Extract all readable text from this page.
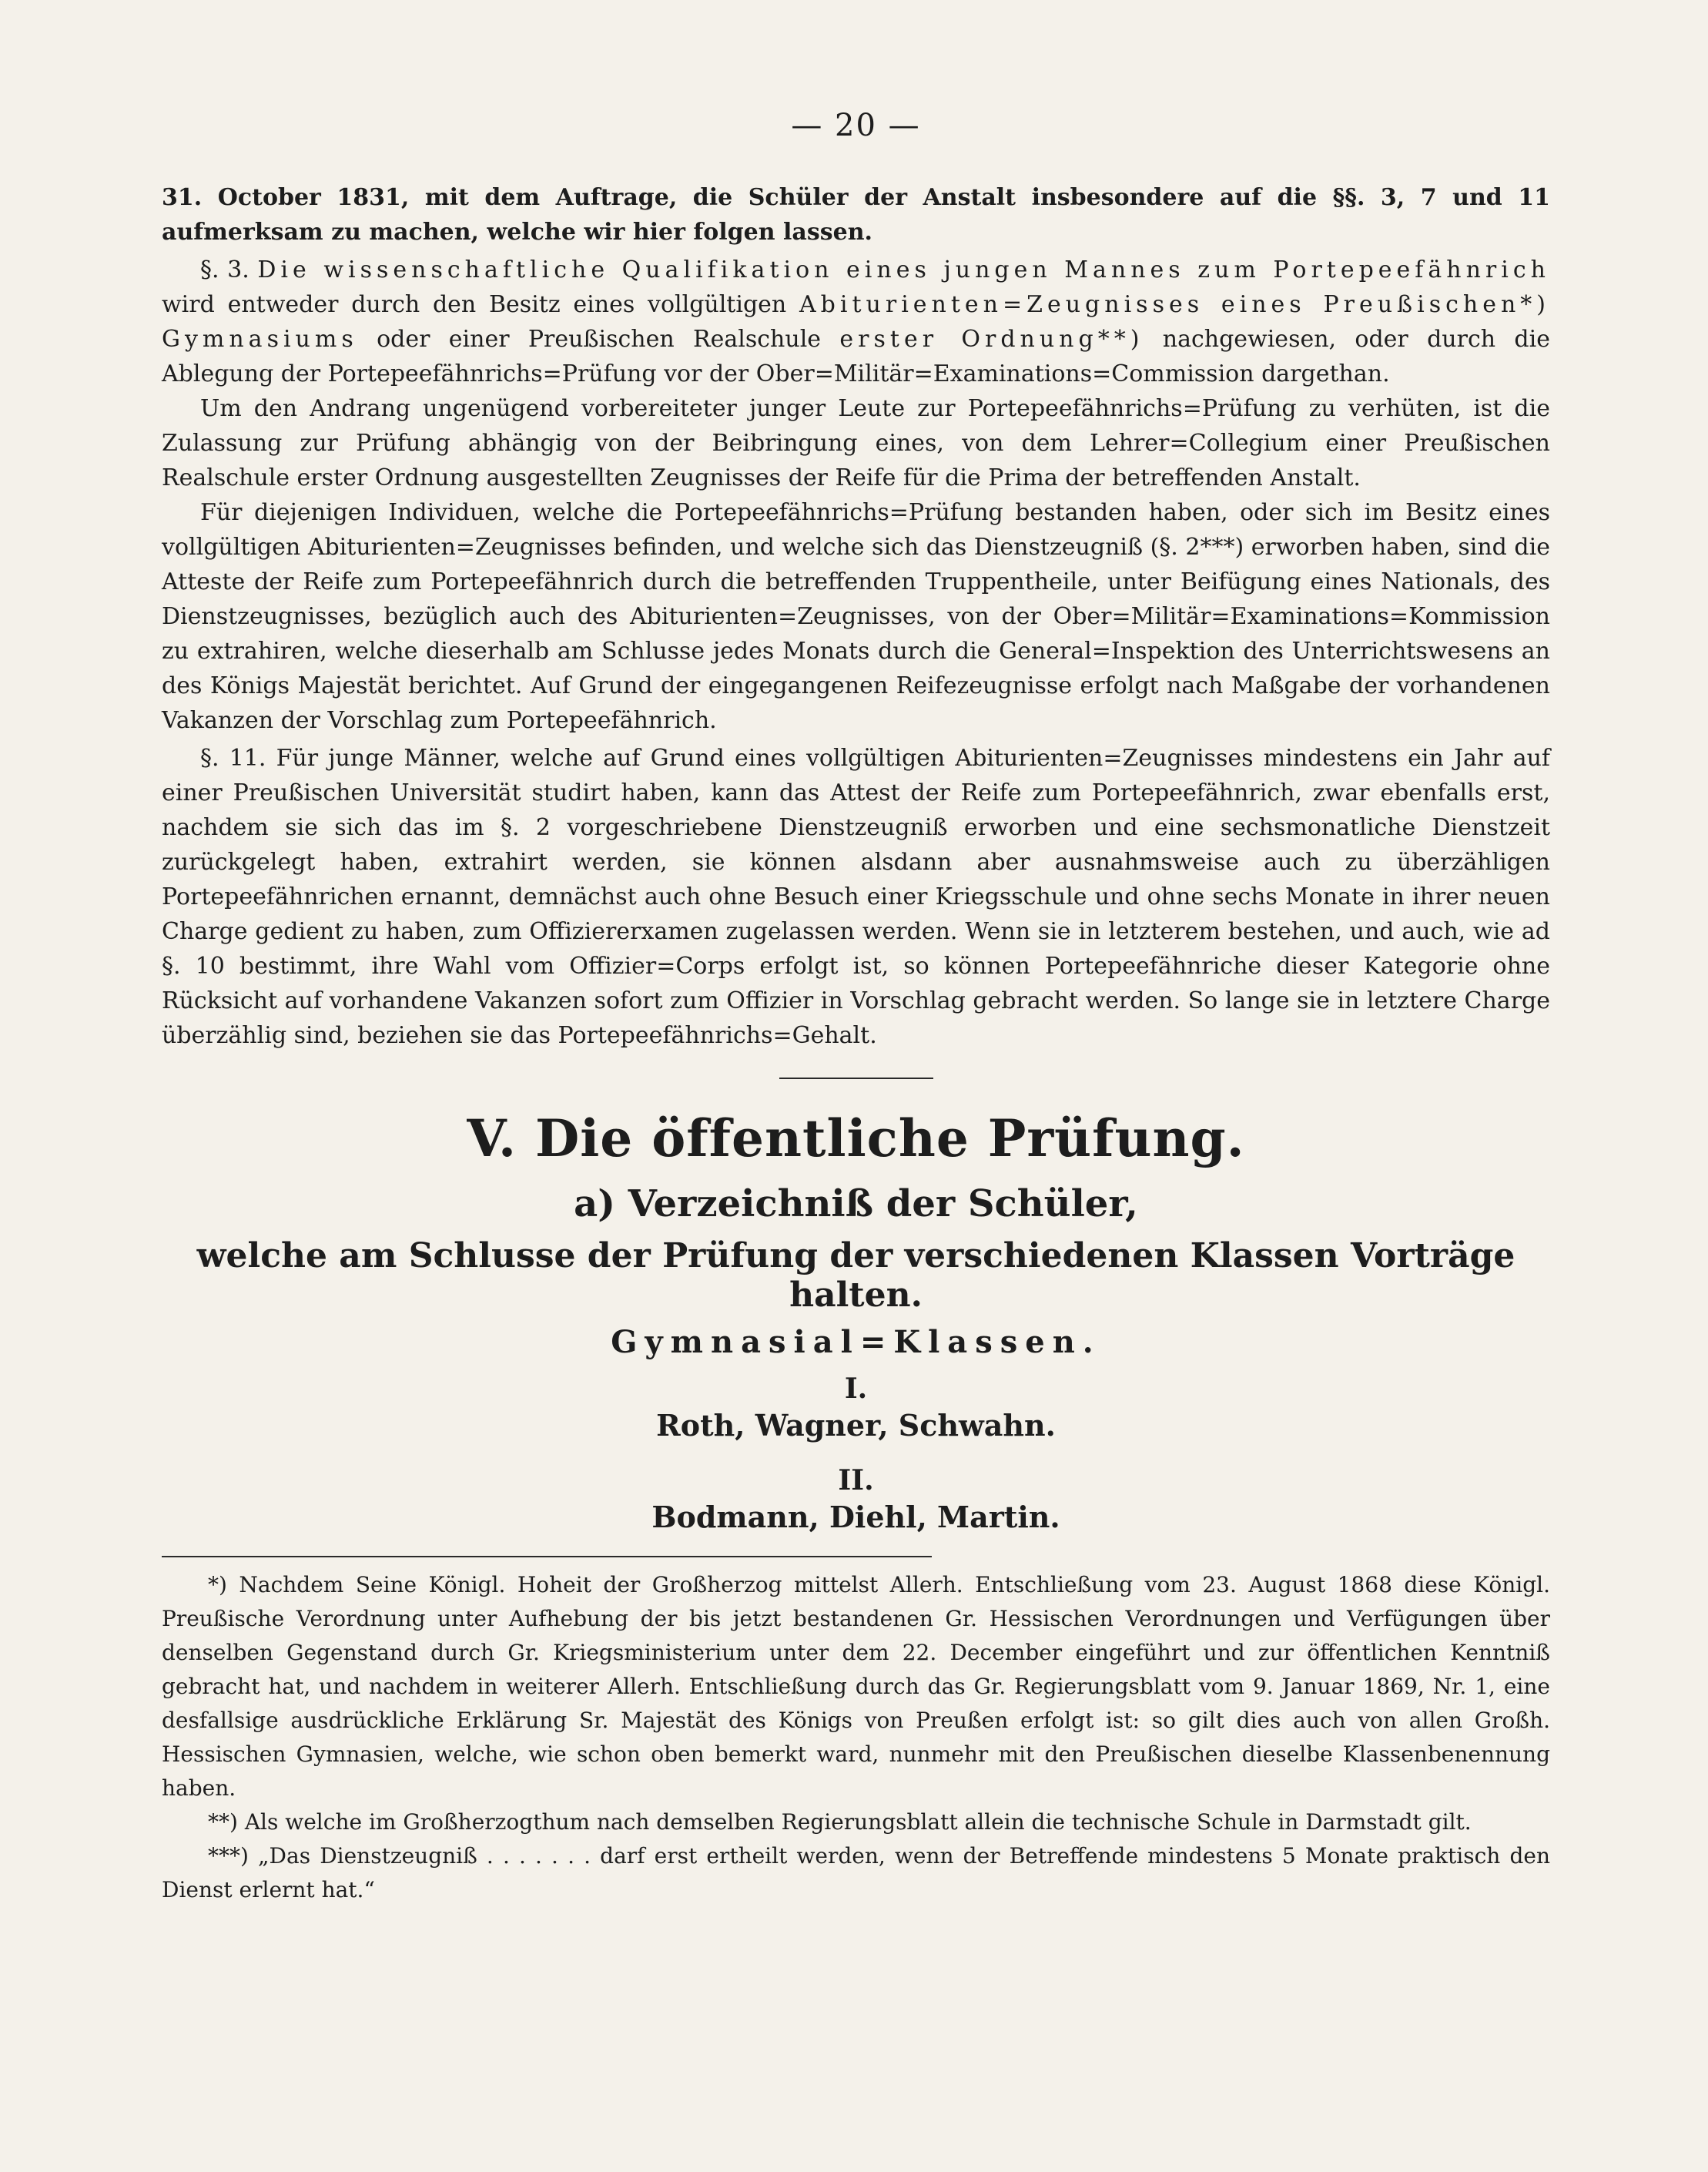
— 20 —

31. October 1831, mit dem Auftrage, die Schüler der Anstalt insbesondere auf die §§. 3, 7 und 11 aufmerksam zu machen, welche wir hier folgen lassen.

§. 3. Die wissenschaftliche Qualifikation eines jungen Mannes zum Portepeefähnrich wird entweder durch den Besitz eines vollgültigen Abiturienten=Zeugnisses eines Preußischen*) Gymnasiums oder einer Preußischen Realschule erster Ordnung**) nachgewiesen, oder durch die Ablegung der Portepeefähnrichs=Prüfung vor der Ober=Militär=Examinations=Commission dargethan.

Um den Andrang ungenügend vorbereiteter junger Leute zur Portepeefähnrichs=Prüfung zu verhüten, ist die Zulassung zur Prüfung abhängig von der Beibringung eines, von dem Lehrer=Collegium einer Preußischen Realschule erster Ordnung ausgestellten Zeugnisses der Reife für die Prima der betreffenden Anstalt.

Für diejenigen Individuen, welche die Portepeefähnrichs=Prüfung bestanden haben, oder sich im Besitz eines vollgültigen Abiturienten=Zeugnisses befinden, und welche sich das Dienstzeugniß (§. 2***) erworben haben, sind die Atteste der Reife zum Portepeefähnrich durch die betreffenden Truppentheile, unter Beifügung eines Nationals, des Dienstzeugnisses, bezüglich auch des Abiturienten=Zeugnisses, von der Ober=Militär=Examinations=Kommission zu extrahiren, welche dieserhalb am Schlusse jedes Monats durch die General=Inspektion des Unterrichtswesens an des Königs Majestät berichtet. Auf Grund der eingegangenen Reifezeugnisse erfolgt nach Maßgabe der vorhandenen Vakanzen der Vorschlag zum Portepeefähnrich.

§. 11. Für junge Männer, welche auf Grund eines vollgültigen Abiturienten=Zeugnisses mindestens ein Jahr auf einer Preußischen Universität studirt haben, kann das Attest der Reife zum Portepeefähnrich, zwar ebenfalls erst, nachdem sie sich das im §. 2 vorgeschriebene Dienstzeugniß erworben und eine sechsmonatliche Dienstzeit zurückgelegt haben, extrahirt werden, sie können alsdann aber ausnahmsweise auch zu überzähligen Portepeefähnrichen ernannt, demnächst auch ohne Besuch einer Kriegsschule und ohne sechs Monate in ihrer neuen Charge gedient zu haben, zum Offiziererxamen zugelassen werden. Wenn sie in letzterem bestehen, und auch, wie ad §. 10 bestimmt, ihre Wahl vom Offizier=Corps erfolgt ist, so können Portepeefähnriche dieser Kategorie ohne Rücksicht auf vorhandene Vakanzen sofort zum Offizier in Vorschlag gebracht werden. So lange sie in letztere Charge überzählig sind, beziehen sie das Portepeefähnrichs=Gehalt.

V. Die öffentliche Prüfung.
a) Verzeichniß der Schüler,
welche am Schlusse der Prüfung der verschiedenen Klassen Vorträge halten.
Gymnasial=Klassen.
I.
Roth, Wagner, Schwahn.
II.
Bodmann, Diehl, Martin.

*) Nachdem Seine Königl. Hoheit der Großherzog mittelst Allerh. Entschließung vom 23. August 1868 diese Königl. Preußische Verordnung unter Aufhebung der bis jetzt bestandenen Gr. Hessischen Verordnungen und Verfügungen über denselben Gegenstand durch Gr. Kriegsministerium unter dem 22. December eingeführt und zur öffentlichen Kenntniß gebracht hat, und nachdem in weiterer Allerh. Entschließung durch das Gr. Regierungsblatt vom 9. Januar 1869, Nr. 1, eine desfallsige ausdrückliche Erklärung Sr. Majestät des Königs von Preußen erfolgt ist: so gilt dies auch von allen Großh. Hessischen Gymnasien, welche, wie schon oben bemerkt ward, nunmehr mit den Preußischen dieselbe Klassenbenennung haben.

**) Als welche im Großherzogthum nach demselben Regierungsblatt allein die technische Schule in Darmstadt gilt.

***) „Das Dienstzeugniß . . . . . . . darf erst ertheilt werden, wenn der Betreffende mindestens 5 Monate praktisch den Dienst erlernt hat.“
